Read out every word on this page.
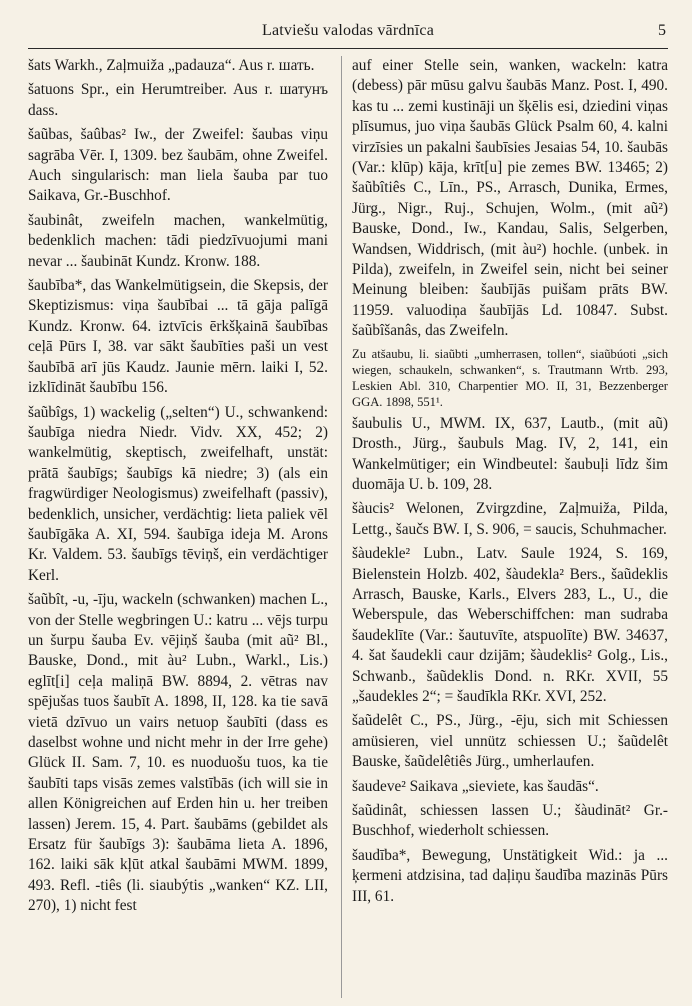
Latviešu valodas vārdnīca	5

šats Warkh., Zaļmuiža „padauza“. Aus r. шать.

šatuons Spr., ein Herumtreiber. Aus r. шатунъ dass.

šaũbas, šaûbas² Iw., der Zweifel: šaubas viņu sagrāba Vēr. I, 1309. bez šaubām, ohne Zweifel. Auch singularisch: man liela šauba par tuo Saikava, Gr.-Buschhof.

šaubinât, zweifeln machen, wankelmütig, bedenklich machen: tādi piedzīvuojumi mani nevar ... šaubināt Kundz. Kronw. 188.

šaubība*, das Wankelmütigsein, die Skepsis, der Skeptizismus: viņa šaubībai ... tā gāja palīgā Kundz. Kronw. 64. iztvīcis ērkšķainā šaubības ceļā Pūrs I, 38. var sākt šaubīties paši un vest šaubībā arī jūs Kaudz. Jaunie mērn. laiki I, 52. izklīdināt šaubību 156.

šaũbîgs, 1) wackelig („selten“) U., schwankend: šaubīga niedra Niedr. Vidv. XX, 452; 2) wankelmütig, skeptisch, zweifelhaft, unstät: prātā šaubīgs; šaubīgs kā niedre; 3) (als ein fragwürdiger Neologismus) zweifelhaft (passiv), bedenklich, unsicher, verdächtig: lieta paliek vēl šaubīgāka A. XI, 594. šaubīga ideja M. Arons Kr. Valdem. 53. šaubīgs tēviņš, ein verdächtiger Kerl.

šaũbît, -u, -īju, wackeln (schwanken) machen L., von der Stelle wegbringen U.: katru ... vējs turpu un šurpu šauba Ev. vējiņš šauba (mit aũ² Bl., Bauske, Dond., mit àu² Lubn., Warkl., Lis.) eglīt[i] ceļa maliņā BW. 8894, 2. vētras nav spējušas tuos šaubīt A. 1898, II, 128. ka tie savā vietā dzīvuo un vairs netuop šaubīti (dass es daselbst wohne und nicht mehr in der Irre gehe) Glück II. Sam. 7, 10. es nuoduošu tuos, ka tie šaubīti taps visās zemes valstībās (ich will sie in allen Königreichen auf Erden hin u. her treiben lassen) Jerem. 15, 4. Part. šaubāms (gebildet als Ersatz für šaubīgs 3): šaubāma lieta A. 1896, 162. laiki sāk kļūt atkal šaubāmi MWM. 1899, 493. Refl. -tiês (li. siaubýtis „wanken“ KZ. LII, 270), 1) nicht fest

auf einer Stelle sein, wanken, wackeln: katra (debess) pār mūsu galvu šaubās Manz. Post. I, 490. kas tu ... zemi kustināji un šķēlis esi, dziedini viņas plīsumus, juo viņa šaubās Glück Psalm 60, 4. kalni virzīsies un pakalni šaubīsies Jesaias 54, 10. šaubās (Var.: klūp) kāja, krīt[u] pie zemes BW. 13465; 2) šaũbîtiês C., Līn., PS., Arrasch, Dunika, Ermes, Jürg., Nigr., Ruj., Schujen, Wolm., (mit aũ²) Bauske, Dond., Iw., Kandau, Salis, Selgerben, Wandsen, Widdrisch, (mit àu²) hochle. (unbek. in Pilda), zweifeln, in Zweifel sein, nicht bei seiner Meinung bleiben: šaubījās puišam prāts BW. 11959. valuodiņa šaubījās Ld. 10847. Subst. šaũbîšanâs, das Zweifeln.

Zu atšaubu, li. siaũbti „umherrasen, tollen“, siaũbúoti „sich wiegen, schaukeln, schwanken“, s. Trautmann Wrtb. 293, Leskien Abl. 310, Charpentier MO. II, 31, Bezzenberger GGA. 1898, 551¹.

šaubulis U., MWM. IX, 637, Lautb., (mit aũ) Drosth., Jürg., šaubuls Mag. IV, 2, 141, ein Wankelmütiger; ein Windbeutel: šaubuļi līdz šim duomāja U. b. 109, 28.

šàucis² Welonen, Zvirgzdine, Zaļmuiža, Pilda, Lettg., šaučs BW. I, S. 906, = saucis, Schuhmacher.

šàudekle² Lubn., Latv. Saule 1924, S. 169, Bielenstein Holzb. 402, šàudekla² Bers., šaũdeklis Arrasch, Bauske, Karls., Elvers 283, L., U., die Weberspule, das Weberschiffchen: man sudraba šaudeklīte (Var.: šautuvīte, atspuolīte) BW. 34637, 4. šat šaudekli caur dzijām; šàudeklis² Golg., Lis., Schwanb., šaũdeklis Dond. n. RKr. XVII, 55 „šaudekles 2“; = šaudīkla RKr. XVI, 252.

šaũdelêt C., PS., Jürg., -ēju, sich mit Schiessen amüsieren, viel unnütz schiessen U.; šaũdelêt Bauske, šaũdelêtiês Jürg., umherlaufen.

šaudeve² Saikava „sieviete, kas šaudās“.

šaũdinât, schiessen lassen U.; šàudināt² Gr.-Buschhof, wiederholt schiessen.

šaudība*, Bewegung, Unstätigkeit Wid.: ja ... ķermeni atdzisina, tad daļiņu šaudība mazinās Pūrs III, 61.
